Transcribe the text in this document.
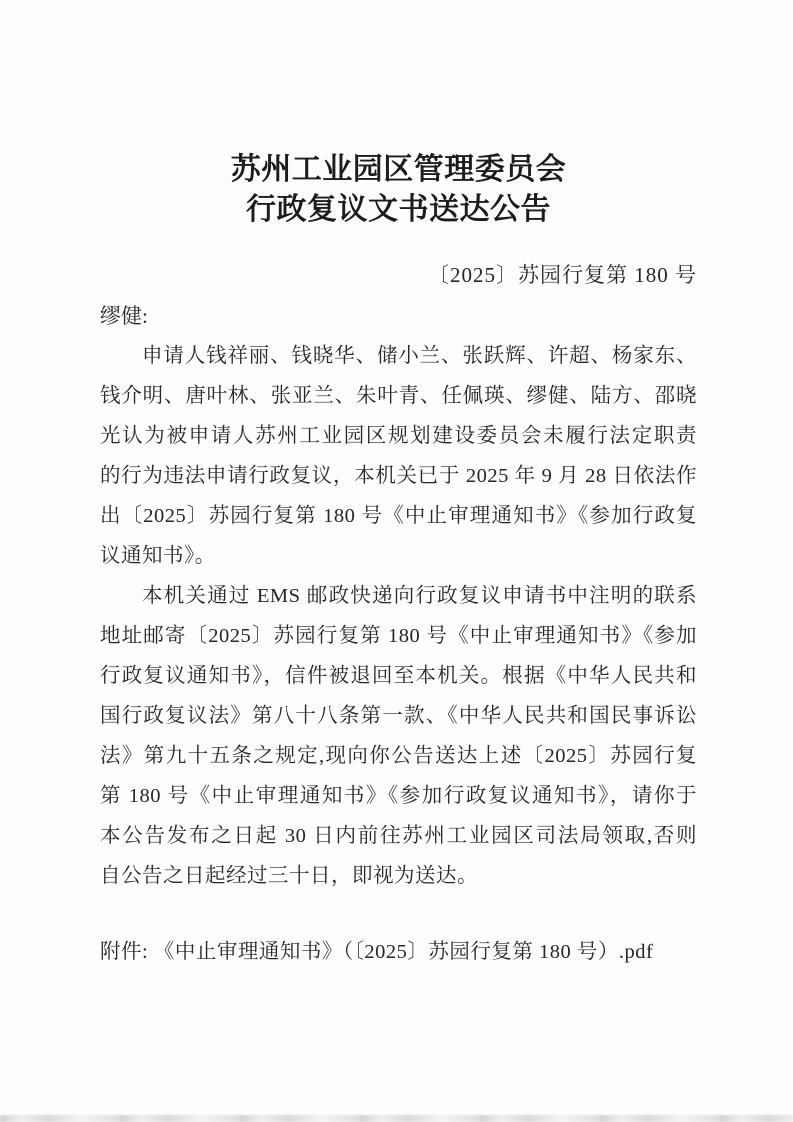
苏州工业园区管理委员会
行政复议文书送达公告
〔2025〕苏园行复第 180 号
缪健:
申请人钱祥丽、钱晓华、储小兰、张跃辉、许超、杨家东、
钱介明、唐叶林、张亚兰、朱叶青、任佩瑛、缪健、陆方、邵晓
光认为被申请人苏州工业园区规划建设委员会未履行法定职责
的行为违法申请行政复议，本机关已于 2025 年 9 月 28 日依法作
出〔2025〕苏园行复第 180 号《中止审理通知书》《参加行政复
议通知书》。
本机关通过 EMS 邮政快递向行政复议申请书中注明的联系
地址邮寄〔2025〕苏园行复第 180 号《中止审理通知书》《参加
行政复议通知书》，信件被退回至本机关。根据《中华人民共和
国行政复议法》第八十八条第一款、《中华人民共和国民事诉讼
法》第九十五条之规定,现向你公告送达上述〔2025〕苏园行复
第 180 号《中止审理通知书》《参加行政复议通知书》，请你于
本公告发布之日起 30 日内前往苏州工业园区司法局领取,否则
自公告之日起经过三十日，即视为送达。
附件: 《中止审理通知书》（〔2025〕苏园行复第 180 号）.pdf
